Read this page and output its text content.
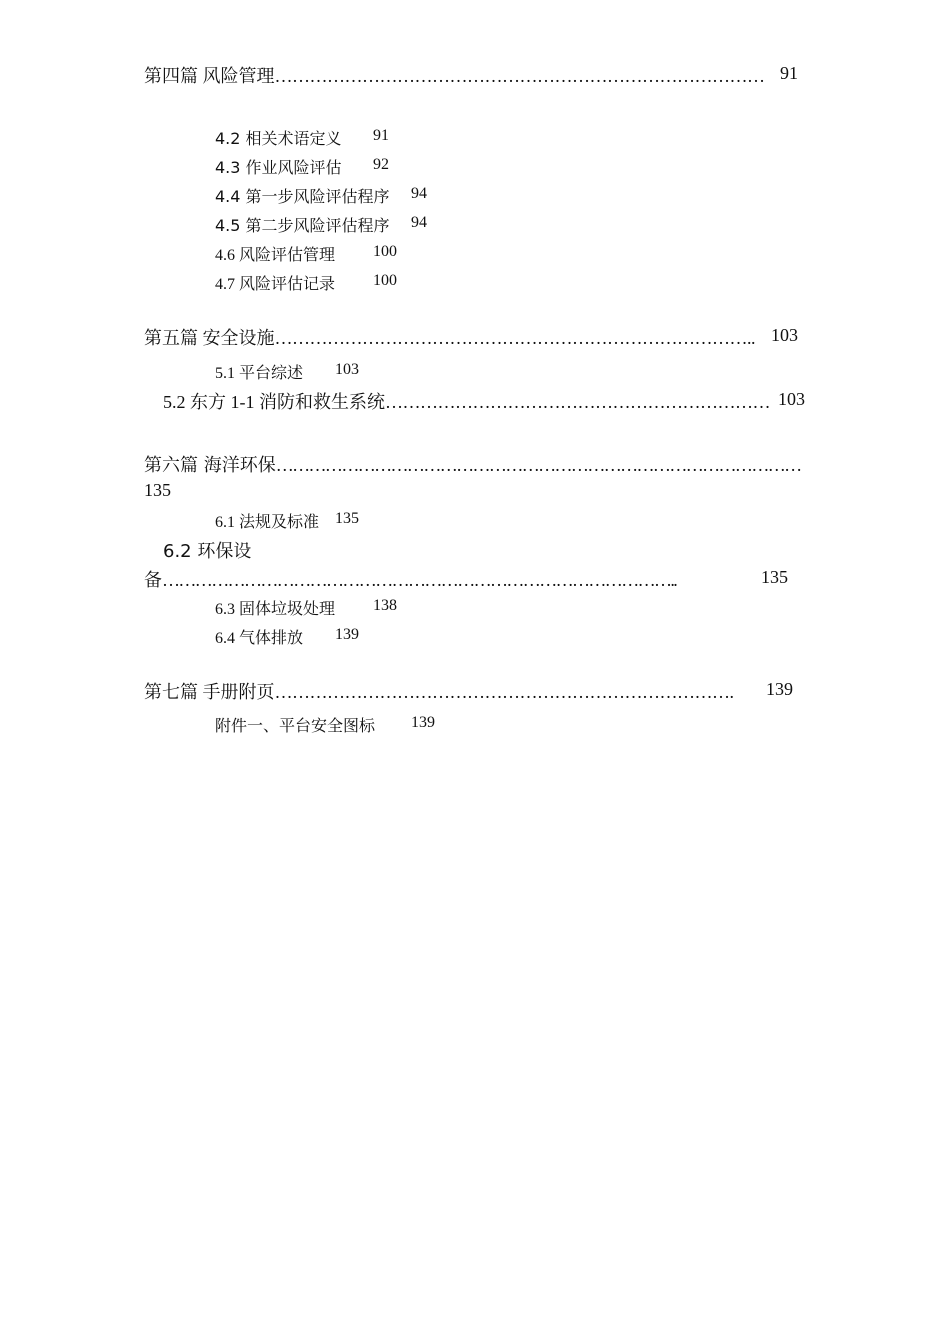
第四篇 风险管理………………………………………………………………………… 91
4.2 相关术语定义 91
4.3 作业风险评估 92
4.4 第一步风险评估程序 94
4.5 第二步风险评估程序 94
4.6 风险评估管理 100
4.7 风险评估记录 100
第五篇 安全设施……………………………………………………………………….. 103
5.1 平台综述 103
5.2 东方 1-1 消防和救生系统………………………………………………………… 103
第六篇 海洋环保……………………………………………………………………………………
135
6.1 法规及标准 135
6.2 环保设
备…………………………………………………………………………………..	135
6.3 固体垃圾处理 138
6.4 气体排放 139
第七篇 手册附页……………………………………………………………………. 139
附件一、平台安全图标 139
